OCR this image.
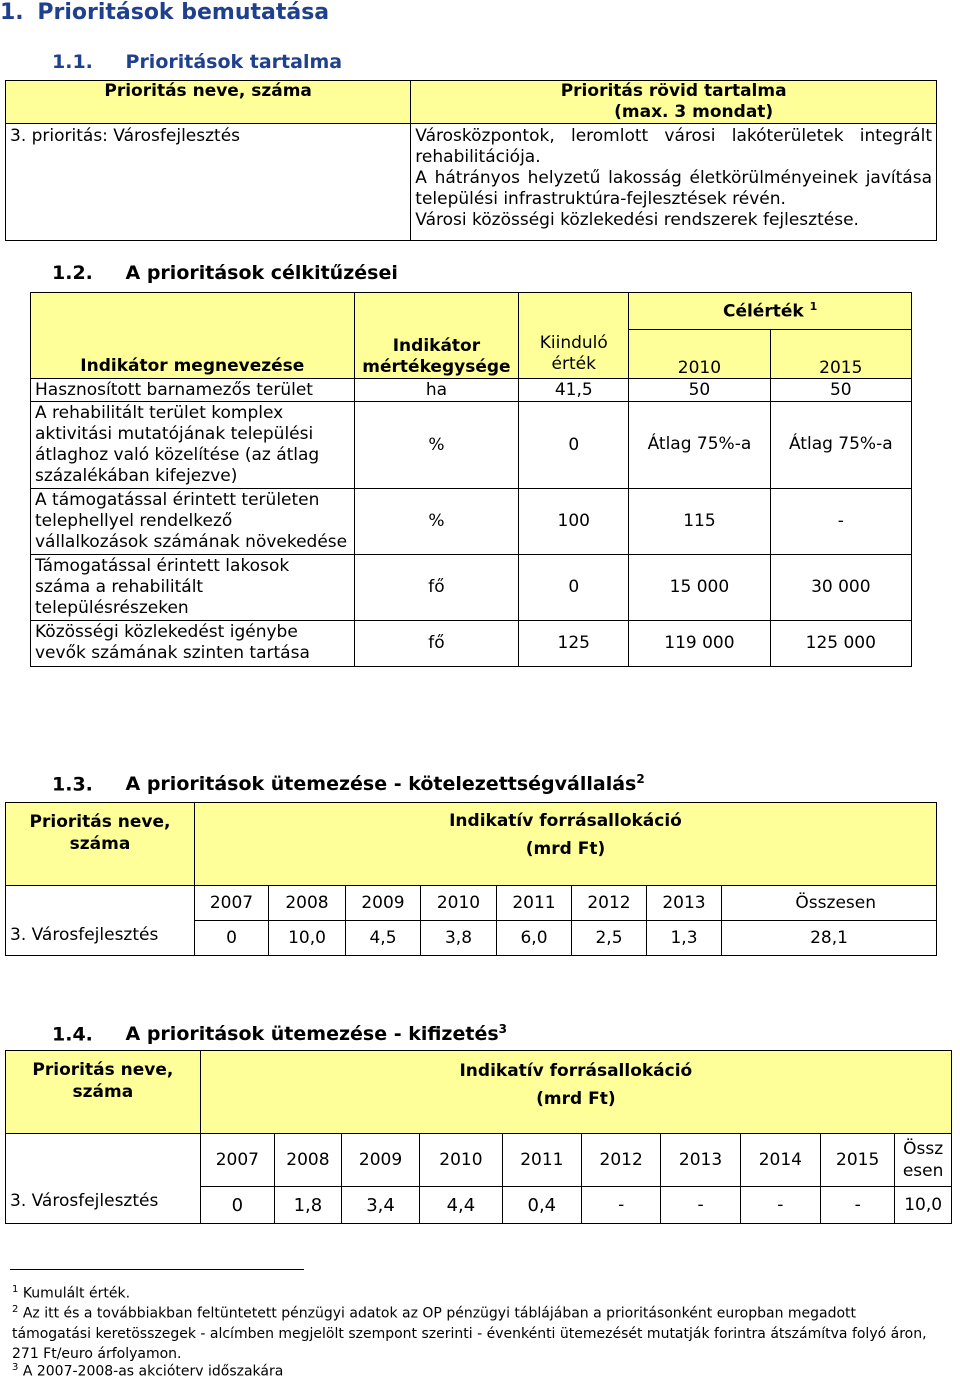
1. Prioritások bemutatása
1.1. Prioritások tartalma
Prioritás neve, száma	Prioritás rövid tartalma
(max. 3 mondat)
3. prioritás: Városfejlesztés	Városközpontok, leromlott városi lakóterületek integrált rehabilitációja.
A hátrányos helyzetű lakosság életkörülményeinek javítása települési infrastruktúra-fejlesztések révén.
Városi közösségi közlekedési rendszerek fejlesztése.
1.2. A prioritások célkitűzései
Indikátor megnevezése	Indikátor mértékegysége		Célérték $^1$
		Kiinduló érték	2010	2015
Hasznosított barnamezős terület	ha	41,5	50	50
A rehabilitált terület komplex aktivitási mutatójának települési átlaghoz való közelítése (az átlag százalékában kifejezve)	%	0	Átlag 75%-a	Átlag 75%-a
A támogatással érintett területen telephellyel rendelkező vállalkozások számának növekedése	%	100	115	-
Támogatással érintett lakosok száma a rehabilitált településrészeken	fő	0	15 000	30 000
Közösségi közlekedést igénybe vevők számának szinten tartása	fő	125	119 000	125 000
1.3. A prioritások ütemezése - kötelezettségvállalás$^2$
Prioritás neve, száma	Indikatív forrásallokáció
(mrd Ft)							
3. Városfejlesztés	2007	2008	2009	2010	2011	2012	2013	Összesen
	0	10,0	4,5	3,8	6,0	2,5	1,3	28,1
1.4. A prioritások ütemezése - kifizetés$^3$
Prioritás neve, száma	Indikatív forrásallokáció
(mrd Ft)									
3. Városfejlesztés	2007	2008	2009	2010	2011	2012	2013	2014	2015	Összesen
	0	1,8	3,4	4,4	0,4	-	-	-	-	10,0
$^1$ Kumulált érték.
$^2$ Az itt és a továbbiakban feltüntetett pénzügyi adatok az OP pénzügyi táblájában a prioritásonként europban megadott támogatási keretösszegek - alcímben megjelölt szempont szerinti - évenkénti ütemezését mutatják forintra átszámítva folyó áron, 271 Ft/euro árfolyamon.
$^3$ A 2007-2008-as akcióterv időszakára
